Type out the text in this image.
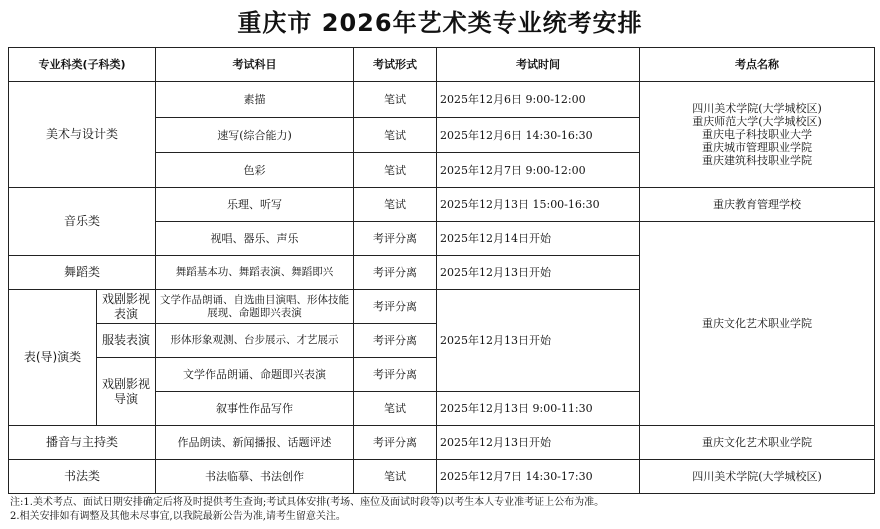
重庆市 2026年艺术类专业统考安排
专业科类(子科类)		考试科目	考试形式	考试时间	考点名称
美术与设计类		素描	笔试	2025年12月6日 9:00-12:00	四川美术学院(大学城校区)
重庆师范大学(大学城校区)
重庆电子科技职业大学
重庆城市管理职业学院
重庆建筑科技职业学院

		速写(综合能力)	笔试	2025年12月6日 14:30-16:30	
		色彩	笔试	2025年12月7日 9:00-12:00	
音乐类		乐理、听写	笔试	2025年12月13日 15:00-16:30	重庆教育管理学校
		视唱、器乐、声乐	考评分离	2025年12月14日开始	重庆文化艺术职业学院
舞蹈类		舞蹈基本功、舞蹈表演、舞蹈即兴	考评分离	2025年12月13日开始	
表(导)演类	戏剧影视表演	文学作品朗诵、自选曲目演唱、形体技能展现、命题即兴表演	考评分离	2025年12月13日开始	
	服装表演	形体形象观测、台步展示、才艺展示	考评分离		
	戏剧影视导演	文学作品朗诵、命题即兴表演	考评分离		
		叙事性作品写作	笔试	2025年12月13日 9:00-11:30	
播音与主持类		作品朗读、新闻播报、话题评述	考评分离	2025年12月13日开始	重庆文化艺术职业学院
书法类		书法临摹、书法创作	笔试	2025年12月7日 14:30-17:30	四川美术学院(大学城校区)
注:1.美术考点、面试日期安排确定后将及时提供考生查询;考试具体安排(考场、座位及面试时段等)以考生本人专业准考证上公布为准。
2.相关安排如有调整及其他未尽事宜,以我院最新公告为准,请考生留意关注。
